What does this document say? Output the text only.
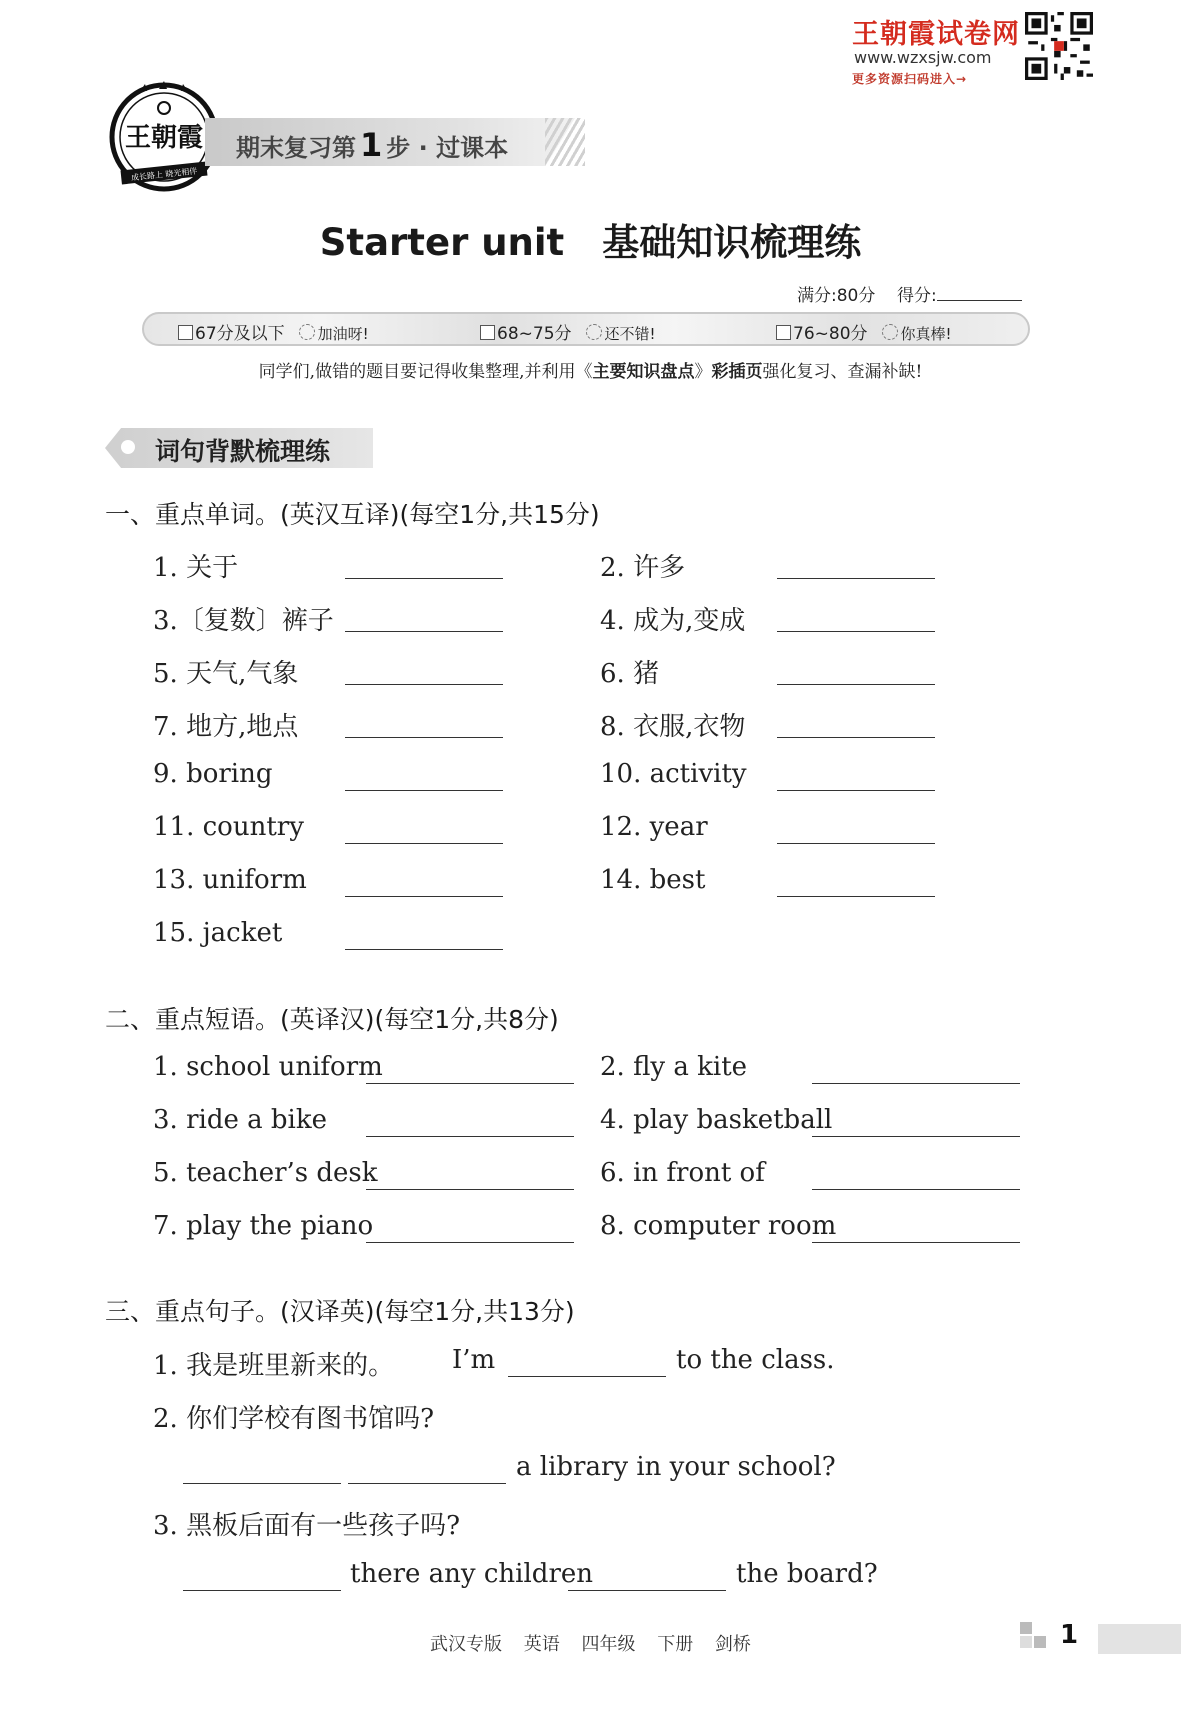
王朝霞试卷网
www.wzxsjw.com
更多资源扫码进入→
王朝霞
成长路上 晓光相伴
期末复习第 1 步 · 过课本
Starter unit 基础知识梳理练
满分:80分 得分:
67分及以下 加油呀!	68~75分 还不错!	76~80分 你真棒!
同学们,做错的题目要记得收集整理,并利用《主要知识盘点》彩插页强化复习、查漏补缺!
词句背默梳理练
一、重点单词。(英汉互译)(每空1分,共15分)
1. 关于	2. 许多
3.〔复数〕裤子	4. 成为,变成
5. 天气,气象	6. 猪
7. 地方,地点	8. 衣服,衣物
9. boring	10. activity
11. country	12. year
13. uniform	14. best
15. jacket
二、重点短语。(英译汉)(每空1分,共8分)
1. school uniform	2. fly a kite
3. ride a bike	4. play basketball
5. teacher’s desk	6. in front of
7. play the piano	8. computer room
三、重点句子。(汉译英)(每空1分,共13分)
1. 我是班里新来的。 I’m	to the class.
2. 你们学校有图书馆吗?
a library in your school?
3. 黑板后面有一些孩子吗?
there any children	the board?
武汉专版 英语 四年级 下册 剑桥	1
